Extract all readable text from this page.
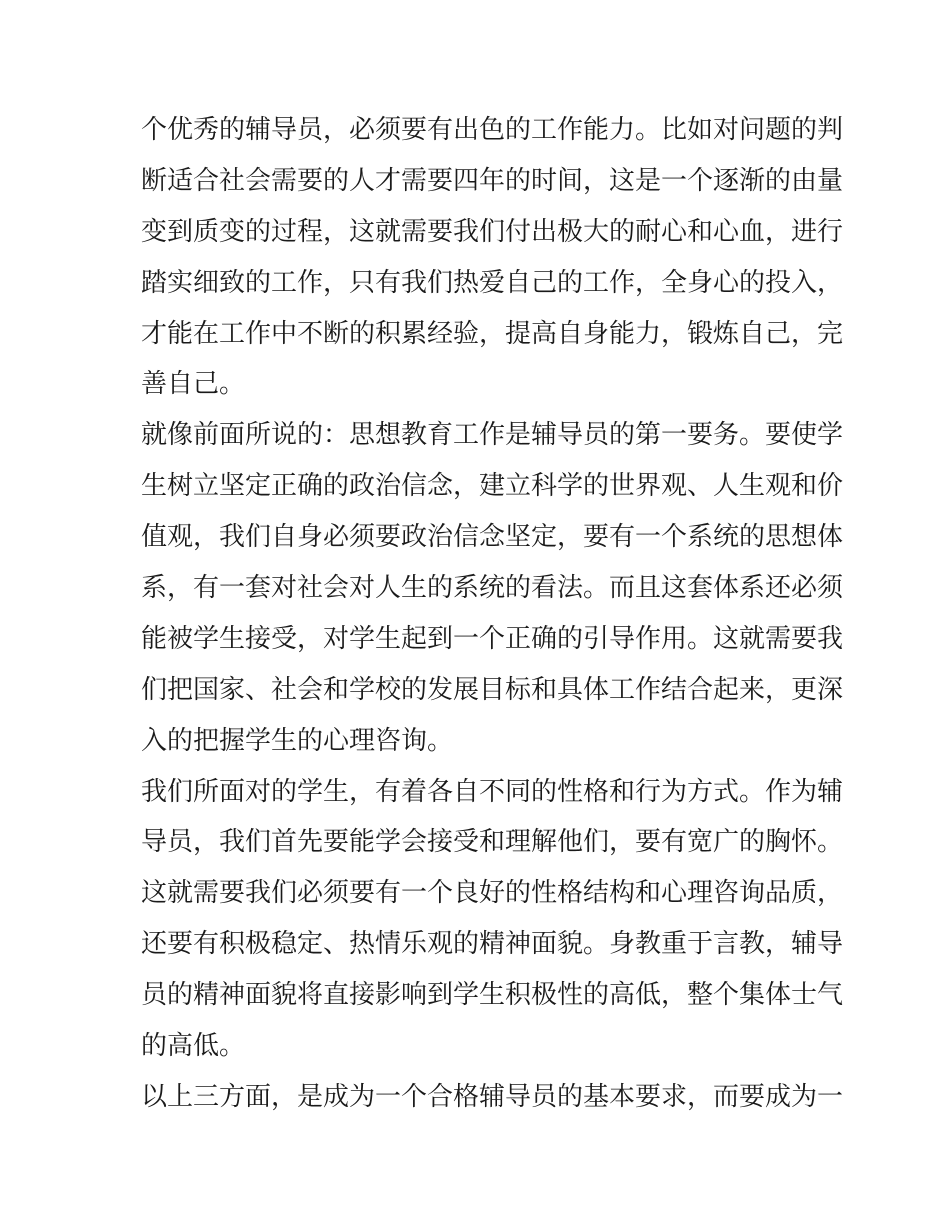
个优秀的辅导员，必须要有出色的工作能力。比如对问题的判
断适合社会需要的人才需要四年的时间，这是一个逐渐的由量
变到质变的过程，这就需要我们付出极大的耐心和心血，进行
踏实细致的工作，只有我们热爱自己的工作，全身心的投入，
才能在工作中不断的积累经验，提高自身能力，锻炼自己，完
善自己。
就像前面所说的：思想教育工作是辅导员的第一要务。要使学
生树立坚定正确的政治信念，建立科学的世界观、人生观和价
值观，我们自身必须要政治信念坚定，要有一个系统的思想体
系，有一套对社会对人生的系统的看法。而且这套体系还必须
能被学生接受，对学生起到一个正确的引导作用。这就需要我
们把国家、社会和学校的发展目标和具体工作结合起来，更深
入的把握学生的心理咨询。
我们所面对的学生，有着各自不同的性格和行为方式。作为辅
导员，我们首先要能学会接受和理解他们，要有宽广的胸怀。
这就需要我们必须要有一个良好的性格结构和心理咨询品质，
还要有积极稳定、热情乐观的精神面貌。身教重于言教，辅导
员的精神面貌将直接影响到学生积极性的高低，整个集体士气
的高低。
以上三方面，是成为一个合格辅导员的基本要求，而要成为一
